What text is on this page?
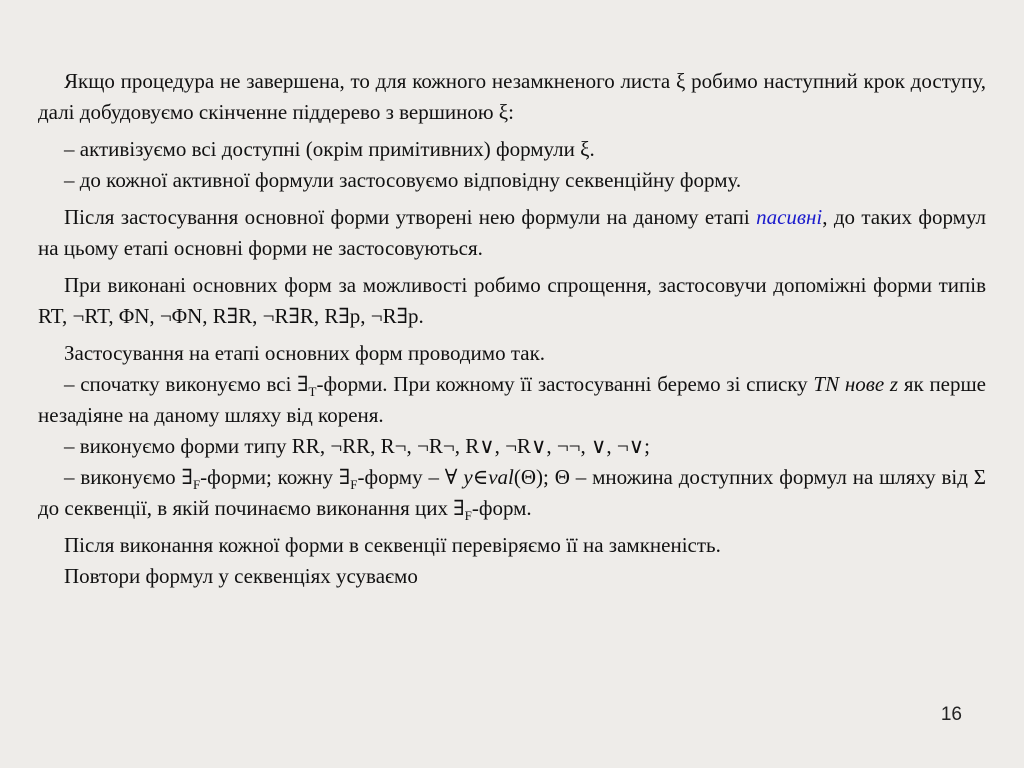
Якщо процедура не завершена, то для кожного незамкненого листа ξ робимо наступний крок доступу, далі добудовуємо скінченне піддерево з вершиною ξ:

– активізуємо всі доступні (окрім примітивних) формули ξ.

– до кожної активної формули застосовуємо відповідну секвенційну форму.

Після застосування основної форми утворені нею формули на даному етапі пасивні, до таких формул на цьому етапі основні форми не застосовуються.

При виконані основних форм за можливості робимо спрощення, застосовучи допоміжні форми типів RT, ¬RT, ΦN, ¬ΦN, R∃R, ¬R∃R, R∃p, ¬R∃p.

Застосування на етапі основних форм проводимо так.

– спочатку виконуємо всі $\exists_T$-форми. При кожному її застосуванні беремо зі списку TN нове z як перше незадіяне на даному шляху від кореня.

– виконуємо форми типу RR, ¬RR, R¬, ¬R¬, R∨, ¬R∨, ¬¬, ∨, ¬∨;

– виконуємо $\exists_F$-форми; кожну $\exists_F$-форму – ∀ y∈val(Θ); Θ – множина доступних формул на шляху від Σ до секвенції, в якій починаємо виконання цих $\exists_F$-форм.

Після виконання кожної форми в секвенції перевіряємо її на замкненість.

Повтори формул у секвенціях усуваємо

16
